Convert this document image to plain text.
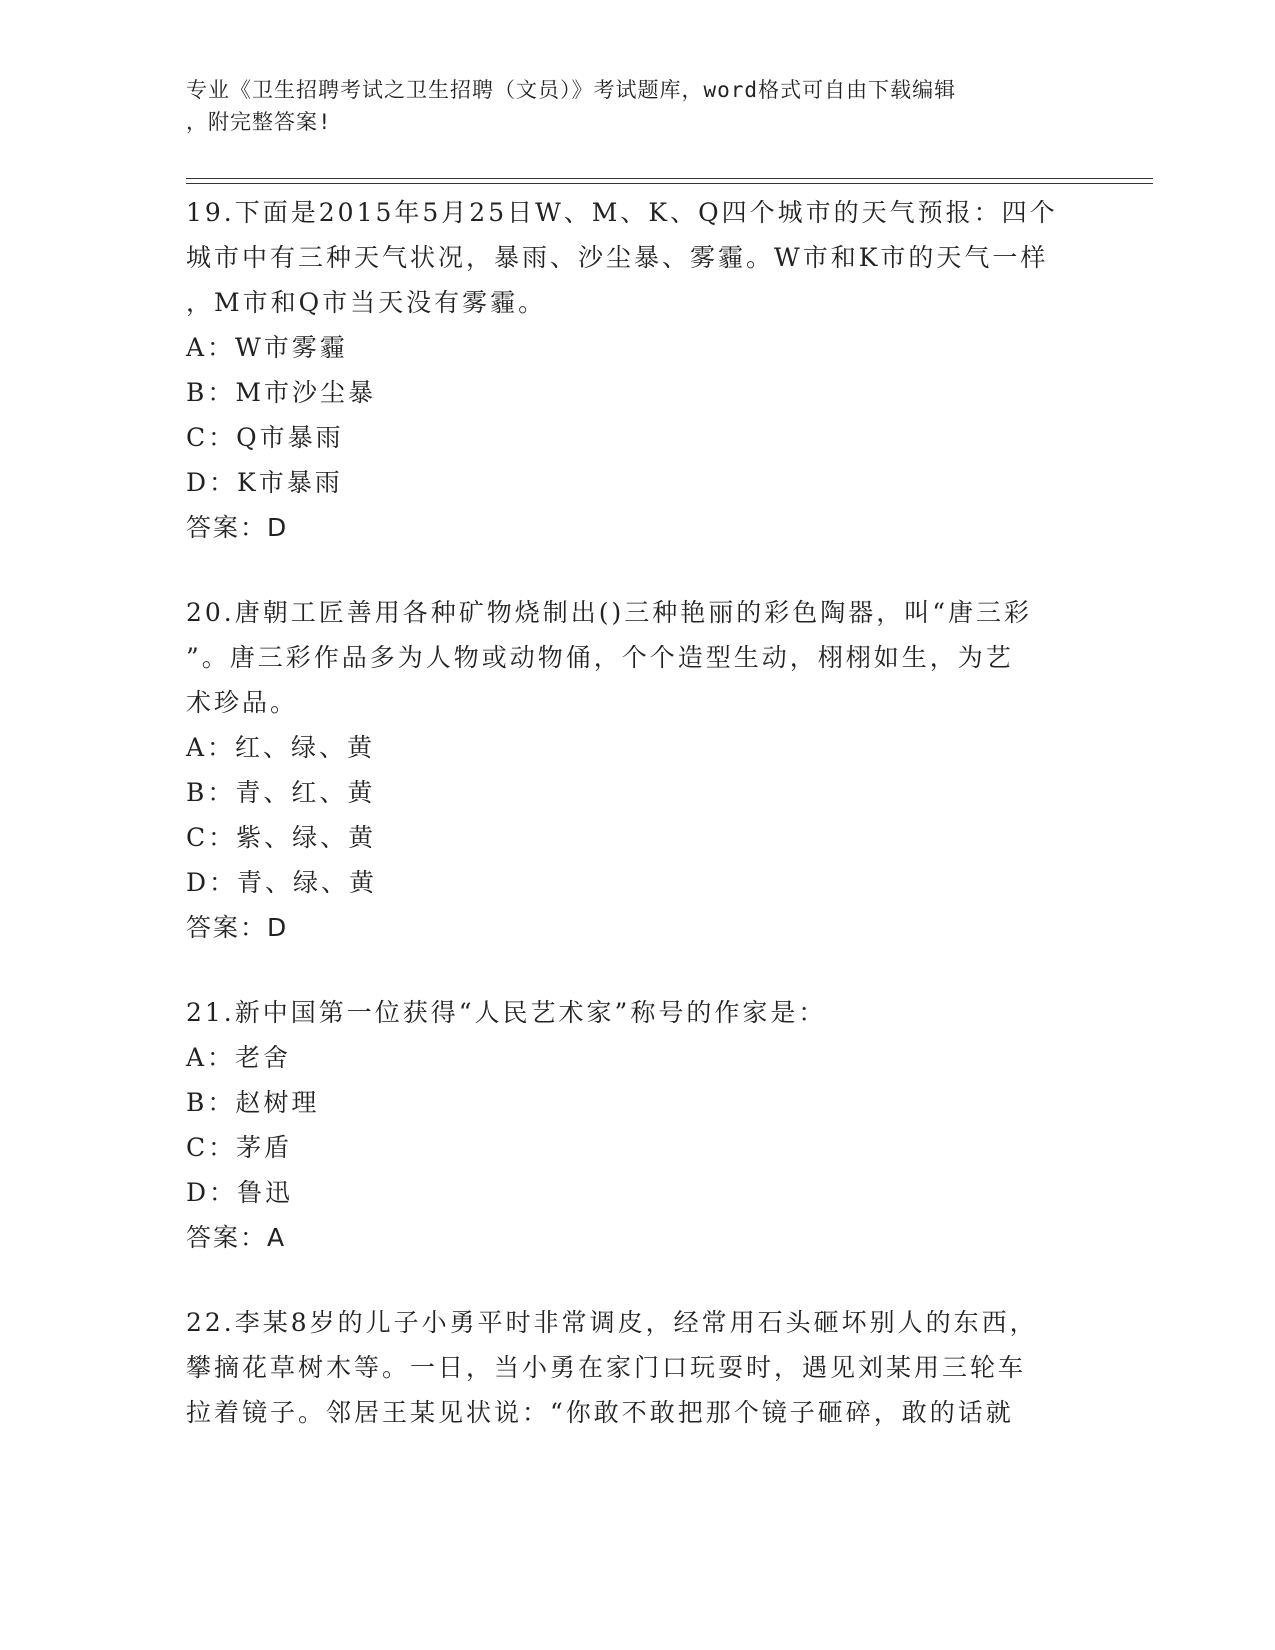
专业《卫生招聘考试之卫生招聘（文员）》考试题库，word格式可自由下载编辑
，附完整答案!

19.下面是2015年5月25日W、M、K、Q四个城市的天气预报：四个

城市中有三种天气状况，暴雨、沙尘暴、雾霾。W市和K市的天气一样

，M市和Q市当天没有雾霾。

A：W市雾霾

B：M市沙尘暴

C：Q市暴雨

D：K市暴雨

答案：D

20.唐朝工匠善用各种矿物烧制出()三种艳丽的彩色陶器，叫“唐三彩

”。唐三彩作品多为人物或动物俑，个个造型生动，栩栩如生，为艺

术珍品。

A：红、绿、黄

B：青、红、黄

C：紫、绿、黄

D：青、绿、黄

答案：D

21.新中国第一位获得“人民艺术家”称号的作家是：

A：老舍

B：赵树理

C：茅盾

D：鲁迅

答案：A

22.李某8岁的儿子小勇平时非常调皮，经常用石头砸坏别人的东西，

攀摘花草树木等。一日，当小勇在家门口玩耍时，遇见刘某用三轮车

拉着镜子。邻居王某见状说：“你敢不敢把那个镜子砸碎，敢的话就
